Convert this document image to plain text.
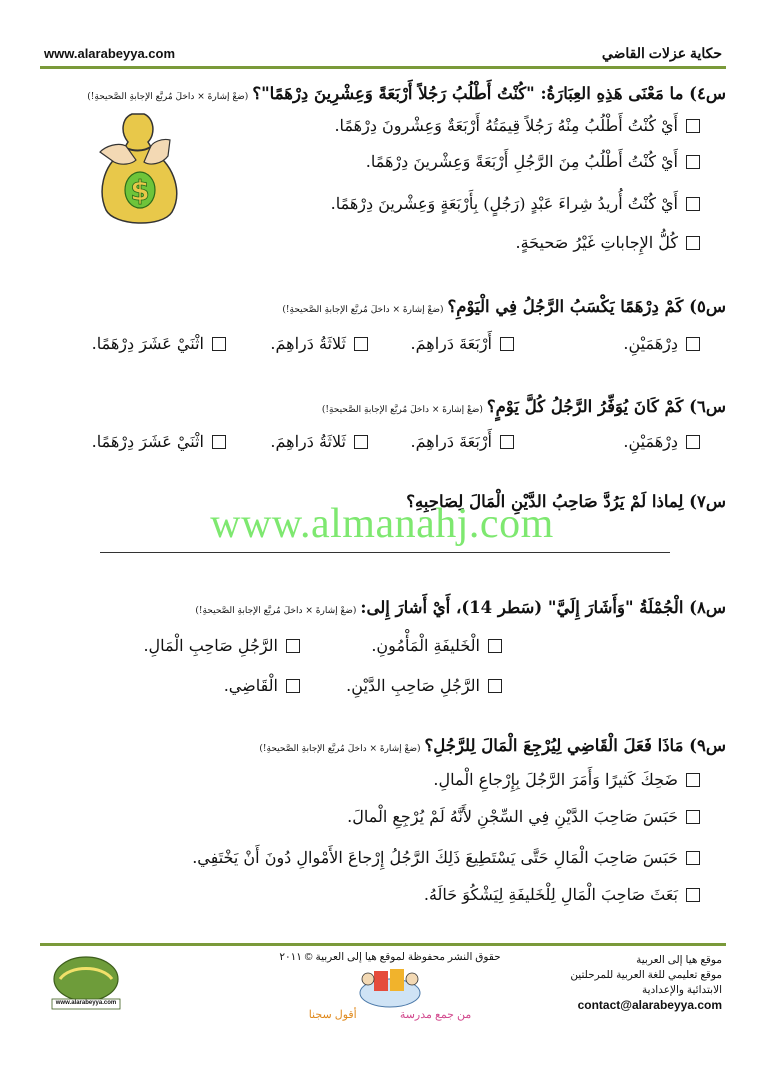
www.alarabeyya.com	حكاية عزلات القاضي
س٤) ما مَعْنَى هَذِهِ العِبَارَةُ: "كُنْتُ أَطْلُبُ رَجُلاً أَرْبَعَةً وَعِشْرِينَ دِرْهَمًا"؟(ضعْ إشارةَ × داخلَ مُربَّع الإجابةِ الصَّحيحةِ!)
أَيْ كُنْتُ أَطْلُبُ مِنْهُ رَجُلاً قِيمَتُهُ أَرْبَعَةٌ وَعِشْرونَ دِرْهَمًا.
أَيْ كُنْتُ أَطْلُبُ مِنَ الرَّجُلِ أَرْبَعَةً وَعِشْرينَ دِرْهَمًا.
أَيْ كُنْتُ أُريدُ شِراءَ عَبْدٍ (رَجُلٍ) بِأَرْبَعَةٍ وَعِشْرينَ دِرْهَمًا.
كُلُّ الإِجاباتِ غَيْرُ صَحيحَةٍ.
$
س٥) كَمْ دِرْهَمًا يَكْسَبُ الرَّجُلُ فِي الْيَوْمِ؟(ضعْ إشارةَ × داخلَ مُربَّع الإجابةِ الصَّحيحةِ!)
دِرْهَمَيْنِ.
أَرْبَعَةَ دَراهِمَ.
ثَلاثَةُ دَراهِمَ.
اثْنَيْ عَشَرَ دِرْهَمًا.
س٦) كَمْ كَانَ يُوَفِّرُ الرَّجُلُ كُلَّ يَوْمٍ؟(ضعْ إشارةَ × داخلَ مُربَّع الإجابةِ الصَّحيحةِ!)
دِرْهَمَيْنِ.
أَرْبَعَةَ دَراهِمَ.
ثَلاثَةُ دَراهِمَ.
اثْنَيْ عَشَرَ دِرْهَمًا.
س٧) لِماذا لَمْ يَرُدَّ صَاحِبُ الدَّيْنِ الْمَالَ لِصَاحِبِهِ؟
www.almanahj.com
س٨) الْجُمْلَةُ "وَأَشَارَ إِلَيَّ" (سَطر 14)، أَيْ أَشارَ إِلى:(ضعْ إشارةَ × داخلَ مُربَّع الإجابةِ الصَّحيحةِ!)
الْخَليفَةِ الْمَأْمُونِ.
الرَّجُلِ صَاحِبِ الْمَالِ.
الرَّجُلِ صَاحِبِ الدَّيْنِ.
الْقَاضِي.
س٩) مَاذَا فَعَلَ الْقَاضِي لِيُرْجِعَ الْمَالَ لِلرَّجُلِ؟(ضعْ إشارةَ × داخلَ مُربَّع الإجابةِ الصَّحيحةِ!)
ضَحِكَ كَثيرًا وَأَمَرَ الرَّجُلَ بِإِرْجاعِ الْمالِ.
حَبَسَ صَاحِبَ الدَّيْنِ فِي السِّجْنِ لأَنَّهُ لَمْ يُرْجِعِ الْمالَ.
حَبَسَ صَاحِبَ الْمَالِ حَتَّى يَسْتَطِيعَ ذَلِكَ الرَّجُلُ إِرْجاعَ الأَمْوالِ دُونَ أَنْ يَخْتَفِي.
بَعَثَ صَاحِبَ الْمَالِ لِلْخَليفَةِ لِيَشْكُوَ حَالَهُ.
موقع هيا إلى العربية
موقع تعليمي للغة العربية للمرحلتين
الابتدائية والإعدادية
contact@alarabeyya.com
حقوق النشر محفوظة لموقع هيا إلى العربية © ٢٠١١
من جمع مدرسة أقول سجنا
www.alarabeyya.com
